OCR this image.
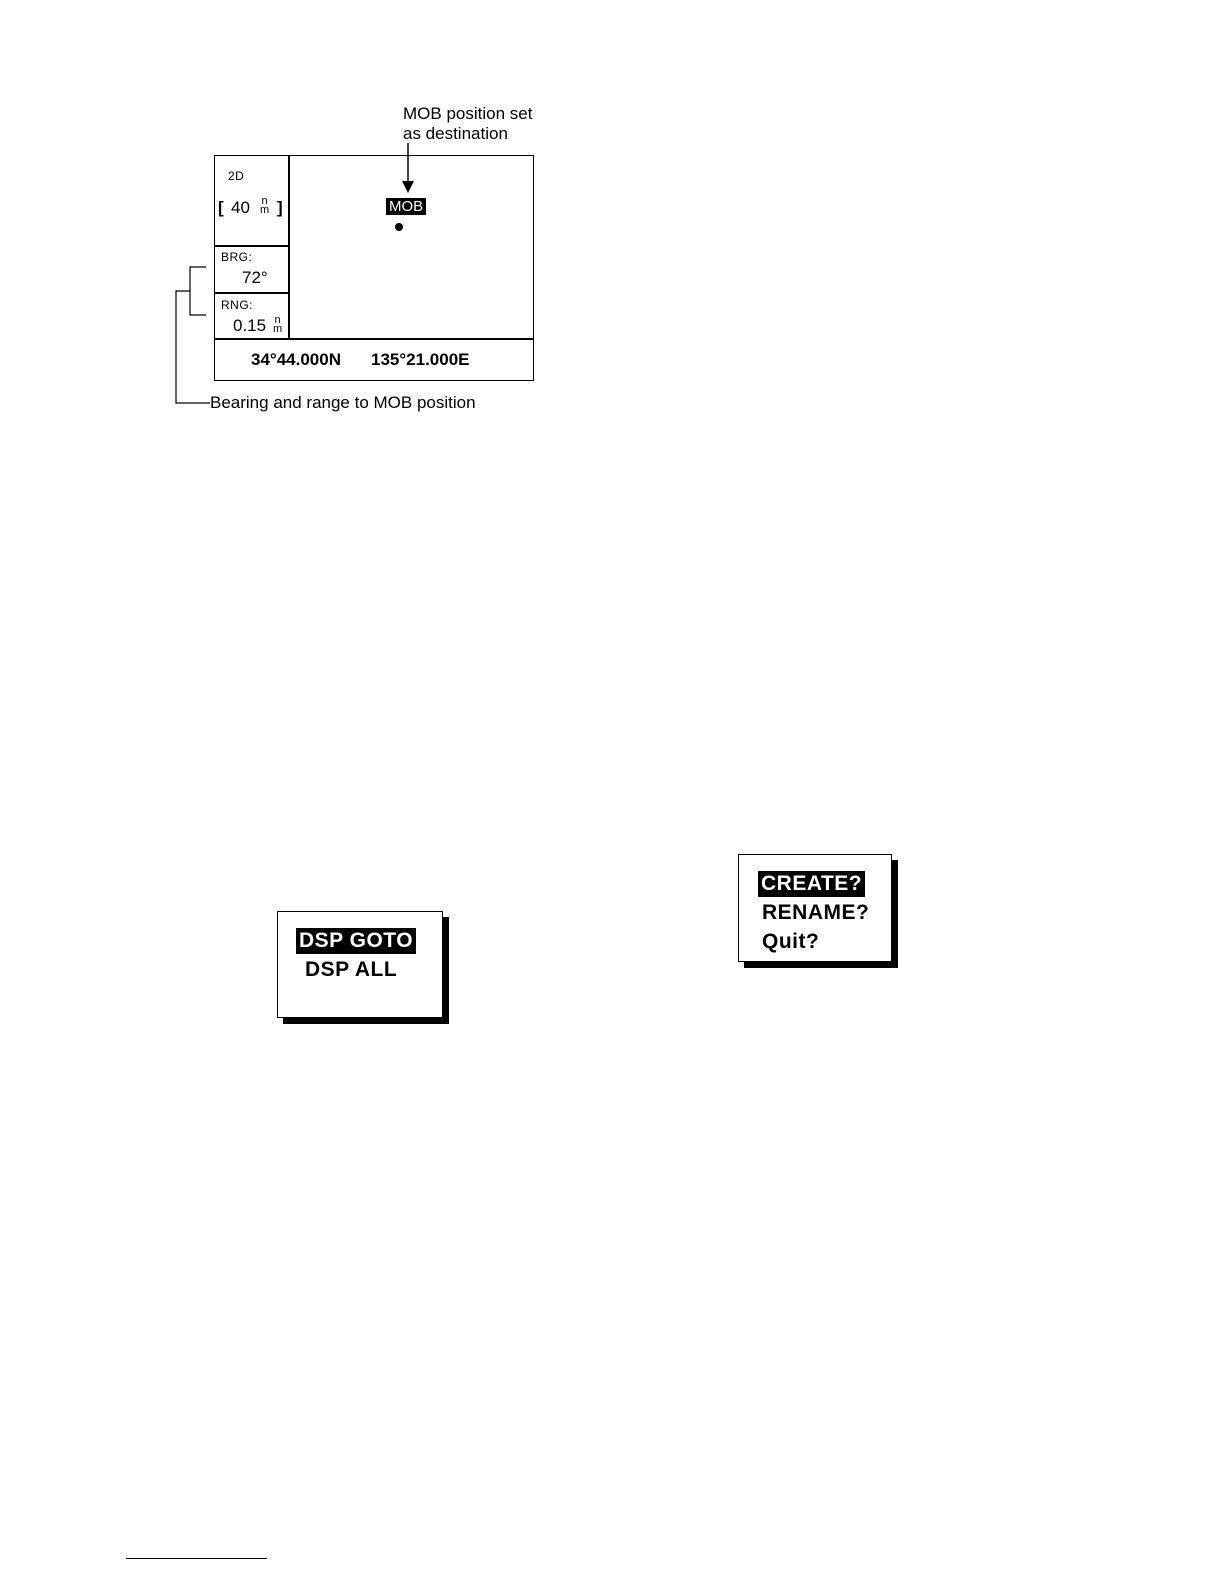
MOB position set
as destination
2D
[ 40 n
m ]
BRG:
72°
RNG:
0.15 n
m
MOB
34°44.000N 135°21.000E
Bearing and range to MOB position
DSP GOTO
DSP ALL
CREATE?
RENAME?
Quit?
